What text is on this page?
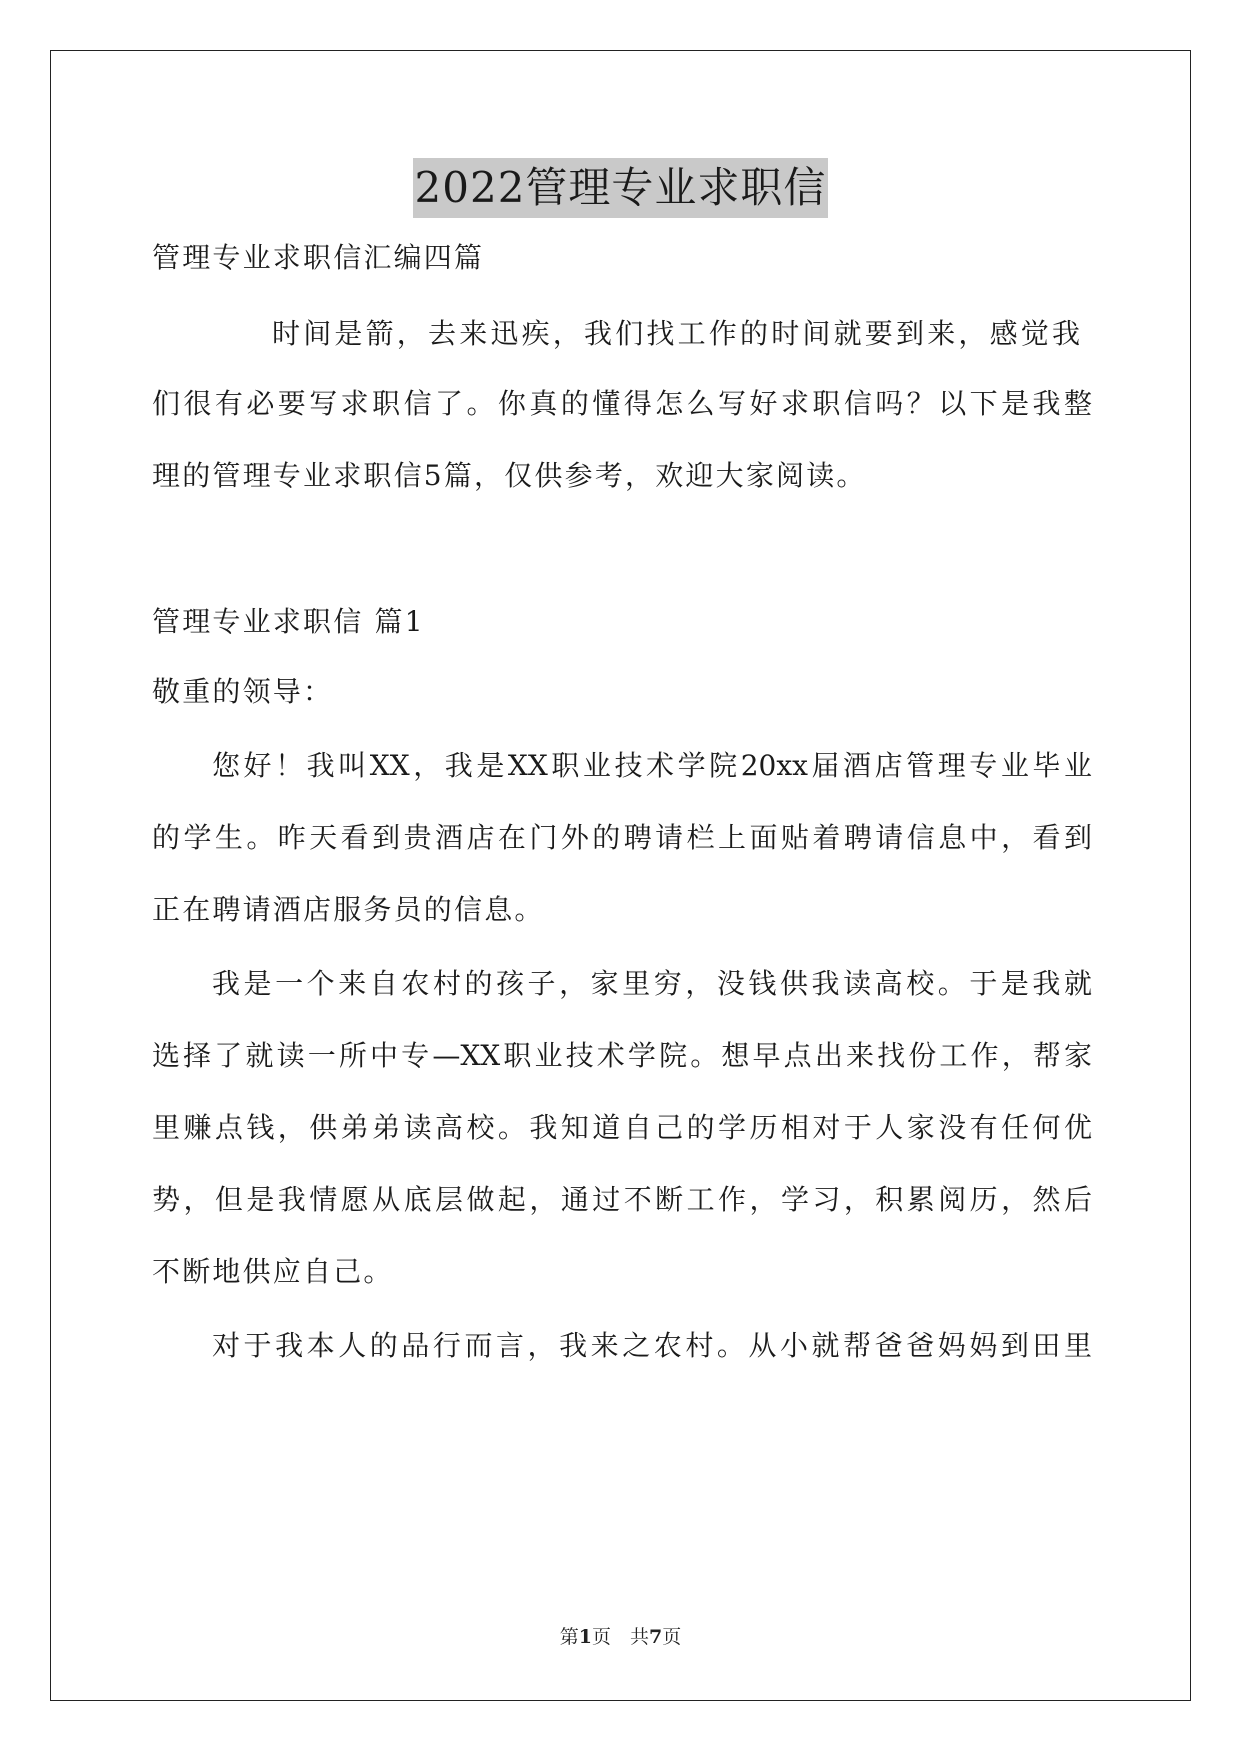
2022管理专业求职信
管理专业求职信汇编四篇
时间是箭，去来迅疾，我们找工作的时间就要到来，感觉我
们很有必要写求职信了。你真的懂得怎么写好求职信吗？以下是我整
理的管理专业求职信5篇，仅供参考，欢迎大家阅读。
管理专业求职信 篇1
敬重的领导：
您好！我叫XX，我是XX职业技术学院20xx届酒店管理专业毕业
的学生。昨天看到贵酒店在门外的聘请栏上面贴着聘请信息中，看到
正在聘请酒店服务员的信息。
我是一个来自农村的孩子，家里穷，没钱供我读高校。于是我就
选择了就读一所中专—XX职业技术学院。想早点出来找份工作，帮家
里赚点钱，供弟弟读高校。我知道自己的学历相对于人家没有任何优
势，但是我情愿从底层做起，通过不断工作，学习，积累阅历，然后
不断地供应自己。
对于我本人的品行而言，我来之农村。从小就帮爸爸妈妈到田里
第1页　共7页
